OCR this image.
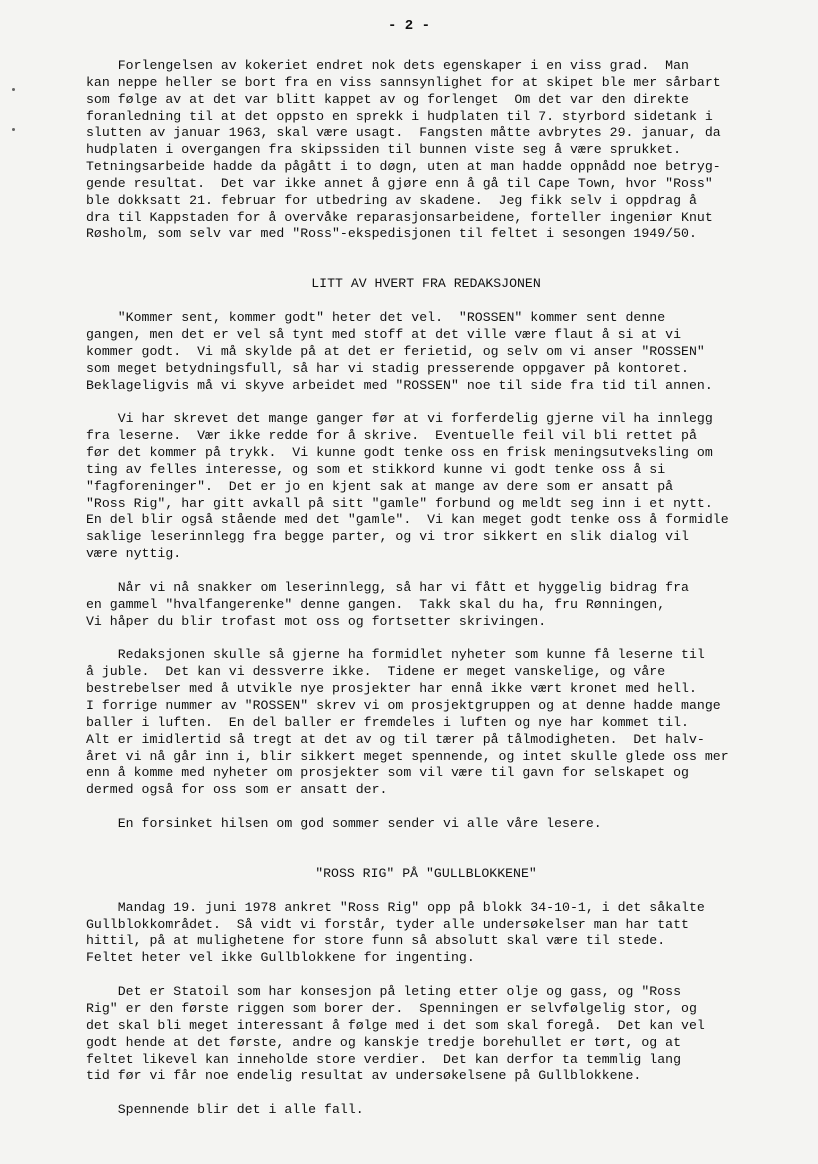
- 2 -
Forlengelsen av kokeriet endret nok dets egenskaper i en viss grad.  Man
kan neppe heller se bort fra en viss sannsynlighet for at skipet ble mer sårbart
som følge av at det var blitt kappet av og forlenget  Om det var den direkte
foranledning til at det oppsto en sprekk i hudplaten til 7. styrbord sidetank i
slutten av januar 1963, skal være usagt.  Fangsten måtte avbrytes 29. januar, da
hudplaten i overgangen fra skipssiden til bunnen viste seg å være sprukket.
Tetningsarbeide hadde da pågått i to døgn, uten at man hadde oppnådd noe betryg-
gende resultat.  Det var ikke annet å gjøre enn å gå til Cape Town, hvor "Ross"
ble dokksatt 21. februar for utbedring av skadene.  Jeg fikk selv i oppdrag å
dra til Kappstaden for å overvåke reparasjonsarbeidene, forteller ingeniør Knut
Røsholm, som selv var med "Ross"-ekspedisjonen til feltet i sesongen 1949/50.
LITT AV HVERT FRA REDAKSJONEN
"Kommer sent, kommer godt" heter det vel.  "ROSSEN" kommer sent denne
gangen, men det er vel så tynt med stoff at det ville være flaut å si at vi
kommer godt.  Vi må skylde på at det er ferietid, og selv om vi anser "ROSSEN"
som meget betydningsfull, så har vi stadig presserende oppgaver på kontoret.
Beklageligvis må vi skyve arbeidet med "ROSSEN" noe til side fra tid til annen.
Vi har skrevet det mange ganger før at vi forferdelig gjerne vil ha innlegg
fra leserne.  Vær ikke redde for å skrive.  Eventuelle feil vil bli rettet på
før det kommer på trykk.  Vi kunne godt tenke oss en frisk meningsutveksling om
ting av felles interesse, og som et stikkord kunne vi godt tenke oss å si
"fagforeninger".  Det er jo en kjent sak at mange av dere som er ansatt på
"Ross Rig", har gitt avkall på sitt "gamle" forbund og meldt seg inn i et nytt.
En del blir også stående med det "gamle".  Vi kan meget godt tenke oss å formidle
saklige leserinnlegg fra begge parter, og vi tror sikkert en slik dialog vil
være nyttig.
Når vi nå snakker om leserinnlegg, så har vi fått et hyggelig bidrag fra
en gammel "hvalfangerenke" denne gangen.  Takk skal du ha, fru Rønningen,
Vi håper du blir trofast mot oss og fortsetter skrivingen.
Redaksjonen skulle så gjerne ha formidlet nyheter som kunne få leserne til
å juble.  Det kan vi dessverre ikke.  Tidene er meget vanskelige, og våre
bestrebelser med å utvikle nye prosjekter har ennå ikke vært kronet med hell.
I forrige nummer av "ROSSEN" skrev vi om prosjektgruppen og at denne hadde mange
baller i luften.  En del baller er fremdeles i luften og nye har kommet til.
Alt er imidlertid så tregt at det av og til tærer på tålmodigheten.  Det halv-
året vi nå går inn i, blir sikkert meget spennende, og intet skulle glede oss mer
enn å komme med nyheter om prosjekter som vil være til gavn for selskapet og
dermed også for oss som er ansatt der.
En forsinket hilsen om god sommer sender vi alle våre lesere.
"ROSS RIG" PÅ "GULLBLOKKENE"
Mandag 19. juni 1978 ankret "Ross Rig" opp på blokk 34-10-1, i det såkalte
Gullblokkområdet.  Så vidt vi forstår, tyder alle undersøkelser man har tatt
hittil, på at mulighetene for store funn så absolutt skal være til stede.
Feltet heter vel ikke Gullblokkene for ingenting.
Det er Statoil som har konsesjon på leting etter olje og gass, og "Ross
Rig" er den første riggen som borer der.  Spenningen er selvfølgelig stor, og
det skal bli meget interessant å følge med i det som skal foregå.  Det kan vel
godt hende at det første, andre og kanskje tredje borehullet er tørt, og at
feltet likevel kan inneholde store verdier.  Det kan derfor ta temmlig lang
tid før vi får noe endelig resultat av undersøkelsene på Gullblokkene.
Spennende blir det i alle fall.
